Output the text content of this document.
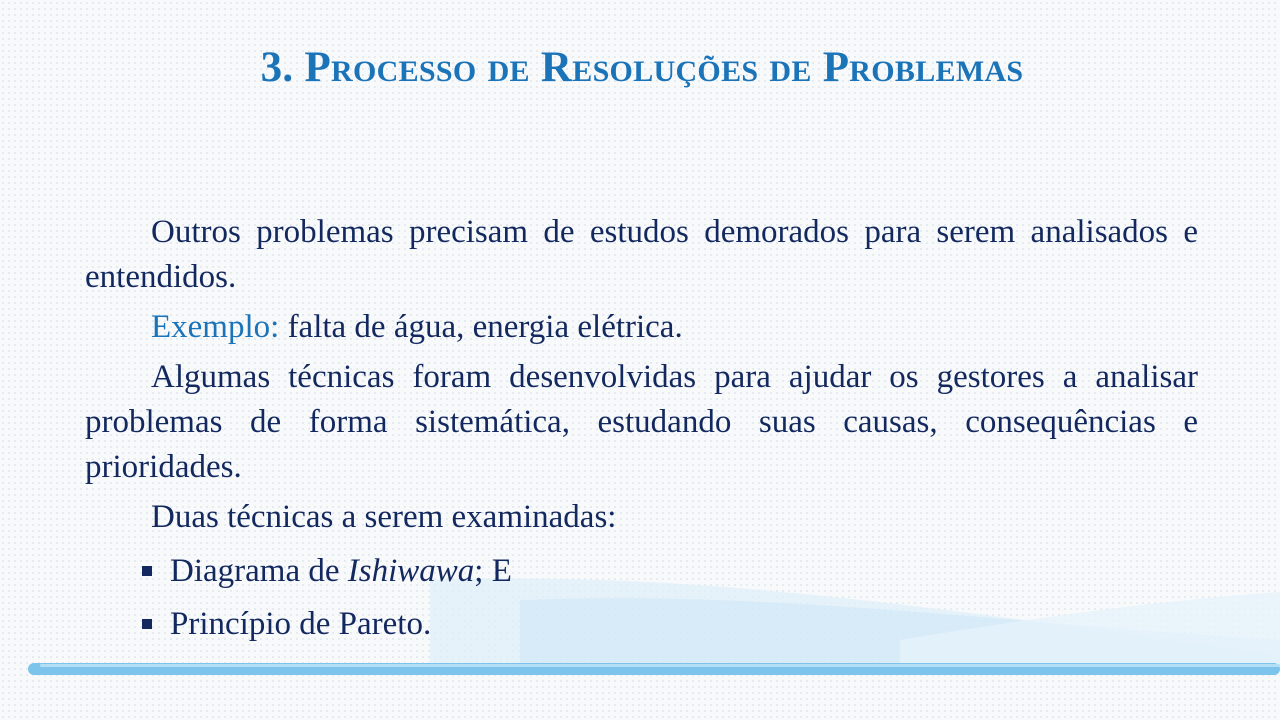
3. Processo de Resoluções de Problemas

Outros problemas precisam de estudos demorados para serem analisados e entendidos.

Exemplo: falta de água, energia elétrica.

Algumas técnicas foram desenvolvidas para ajudar os gestores a analisar problemas de forma sistemática, estudando suas causas, consequências e prioridades.

Duas técnicas a serem examinadas:

Diagrama de Ishiwawa; E
Princípio de Pareto.
